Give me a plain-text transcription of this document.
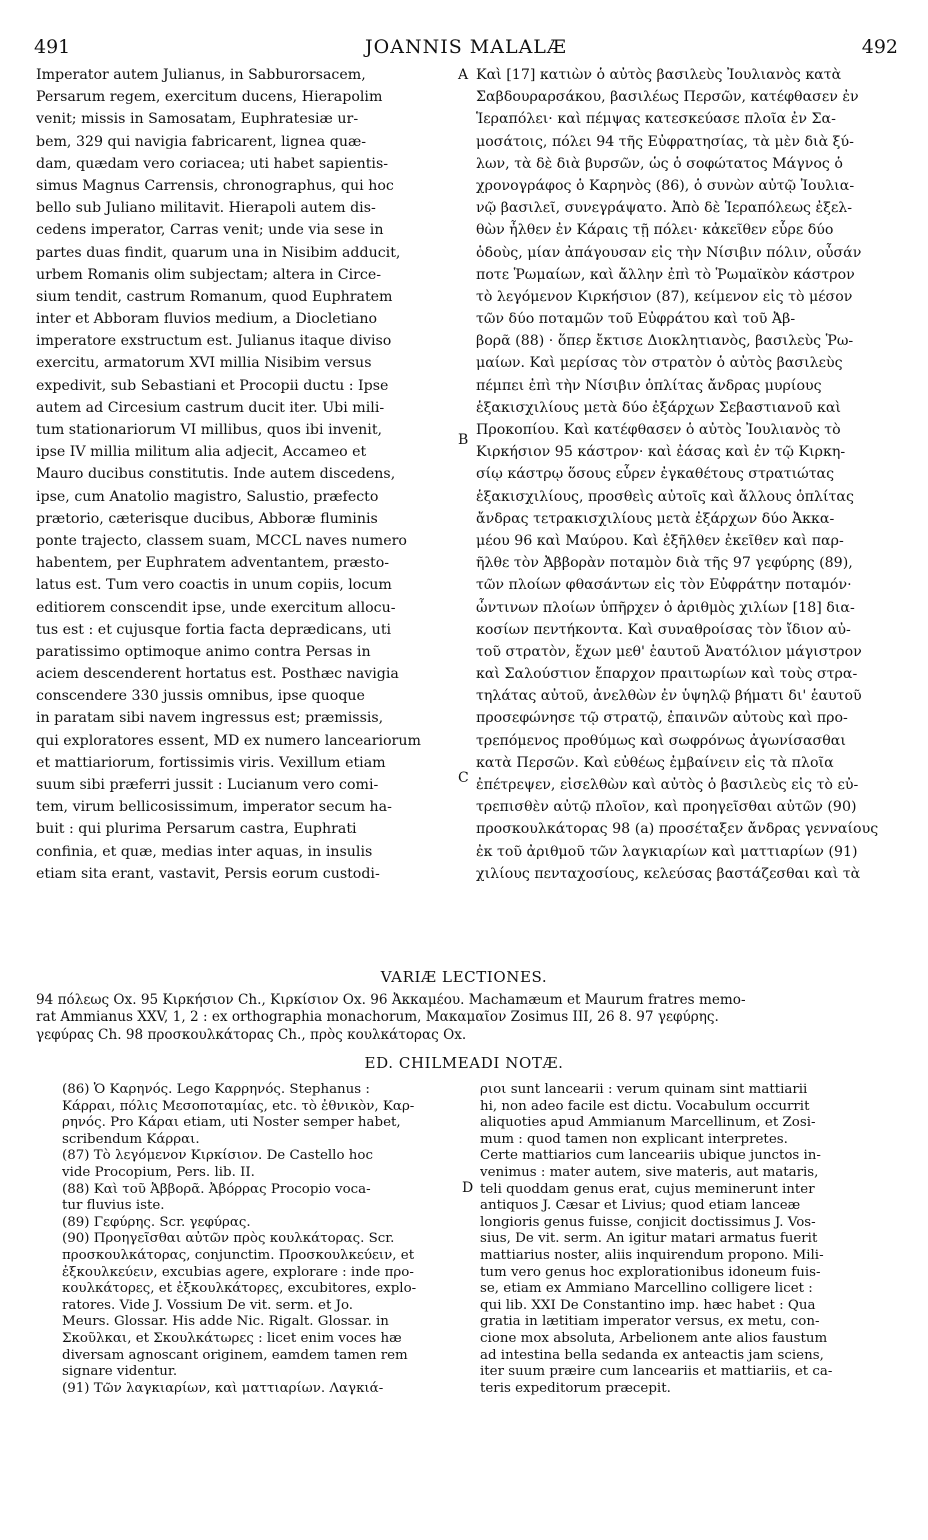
491	JOANNIS MALALÆ	492
Imperator autem Julianus, in Sabburorsacem,
Persarum regem, exercitum ducens, Hierapolim
venit; missis in Samosatam, Euphratesiæ ur-
bem, 329 qui navigia fabricarent, lignea quæ-
dam, quædam vero coriacea; uti habet sapientis-
simus Magnus Carrensis, chronographus, qui hoc
bello sub Juliano militavit. Hierapoli autem dis-
cedens imperator, Carras venit; unde via sese in
partes duas findit, quarum una in Nisibim adducit,
urbem Romanis olim subjectam; altera in Circe-
sium tendit, castrum Romanum, quod Euphratem
inter et Abboram fluvios medium, a Diocletiano
imperatore exstructum est. Julianus itaque diviso
exercitu, armatorum XVI millia Nisibim versus
expedivit, sub Sebastiani et Procopii ductu : Ipse
autem ad Circesium castrum ducit iter. Ubi mili-
tum stationariorum VI millibus, quos ibi invenit,
ipse IV millia militum alia adjecit, Accameo et
Mauro ducibus constitutis. Inde autem discedens,
ipse, cum Anatolio magistro, Salustio, præfecto
prætorio, cæterisque ducibus, Abboræ fluminis
ponte trajecto, classem suam, MCCL naves numero
habentem, per Euphratem adventantem, præsto-
latus est. Tum vero coactis in unum copiis, locum
editiorem conscendit ipse, unde exercitum allocu-
tus est : et cujusque fortia facta deprædicans, uti
paratissimo optimoque animo contra Persas in
aciem descenderent hortatus est. Posthæc navigia
conscendere 330 jussis omnibus, ipse quoque
in paratam sibi navem ingressus est; præmissis,
qui exploratores essent, MD ex numero lanceariorum
et mattiariorum, fortissimis viris. Vexillum etiam
suum sibi præferri jussit : Lucianum vero comi-
tem, virum bellicosissimum, imperator secum ha-
buit : qui plurima Persarum castra, Euphrati
confinia, et quæ, medias inter aquas, in insulis
etiam sita erant, vastavit, Persis eorum custodi-
Καὶ [17] κατιὼν ὁ αὐτὸς βασιλεὺς Ἰουλιανὸς κατὰ
Σαβδουραρσάκου, βασιλέως Περσῶν, κατέφθασεν ἐν
Ἱεραπόλει· καὶ πέμψας κατεσκεύασε πλοῖα ἐν Σα-
μοσάτοις, πόλει 94 τῆς Εὐφρατησίας, τὰ μὲν διὰ ξύ-
λων, τὰ δὲ διὰ βυρσῶν, ὡς ὁ σοφώτατος Μάγνος ὁ
χρονογράφος ὁ Καρηνὸς (86), ὁ συνὼν αὐτῷ Ἰουλια-
νῷ βασιλεῖ, συνεγράψατο. Ἀπὸ δὲ Ἱεραπόλεως ἐξελ-
θὼν ἦλθεν ἐν Κάραις τῇ πόλει· κἀκεῖθεν εὗρε δύο
ὁδοὺς, μίαν ἀπάγουσαν εἰς τὴν Νίσιβιν πόλιν, οὖσάν
ποτε Ῥωμαίων, καὶ ἄλλην ἐπὶ τὸ Ῥωμαϊκὸν κάστρον
τὸ λεγόμενον Κιρκήσιον (87), κείμενον εἰς τὸ μέσον
τῶν δύο ποταμῶν τοῦ Εὐφράτου καὶ τοῦ Ἀβ-
βορᾶ (88) · ὅπερ ἔκτισε Διοκλητιανὸς, βασιλεὺς Ῥω-
μαίων. Καὶ μερίσας τὸν στρατὸν ὁ αὐτὸς βασιλεὺς
πέμπει ἐπὶ τὴν Νίσιβιν ὁπλίτας ἄνδρας μυρίους
ἑξακισχιλίους μετὰ δύο ἐξάρχων Σεβαστιανοῦ καὶ
Προκοπίου. Καὶ κατέφθασεν ὁ αὐτὸς Ἰουλιανὸς τὸ
Κιρκήσιον 95 κάστρον· καὶ ἐάσας καὶ ἐν τῷ Κιρκη-
σίῳ κάστρῳ ὅσους εὗρεν ἐγκαθέτους στρατιώτας
ἑξακισχιλίους, προσθεὶς αὐτοῖς καὶ ἄλλους ὁπλίτας
ἄνδρας τετρακισχιλίους μετὰ ἐξάρχων δύο Ἀκκα-
μέου 96 καὶ Μαύρου. Καὶ ἐξῆλθεν ἐκεῖθεν καὶ παρ-
ῆλθε τὸν Ἀββορὰν ποταμὸν διὰ τῆς 97 γεφύρης (89),
τῶν πλοίων φθασάντων εἰς τὸν Εὐφράτην ποταμόν·
ὧντινων πλοίων ὑπῆρχεν ὁ ἀριθμὸς χιλίων [18] δια-
κοσίων πεντήκοντα. Καὶ συναθροίσας τὸν ἴδιον αὐ-
τοῦ στρατὸν, ἔχων μεθ' ἑαυτοῦ Ἀνατόλιον μάγιστρον
καὶ Σαλούστιον ἔπαρχον πραιτωρίων καὶ τοὺς στρα-
τηλάτας αὐτοῦ, ἀνελθὼν ἐν ὑψηλῷ βήματι δι' ἑαυτοῦ
προσεφώνησε τῷ στρατῷ, ἐπαινῶν αὐτοὺς καὶ προ-
τρεπόμενος προθύμως καὶ σωφρόνως ἀγωνίσασθαι
κατὰ Περσῶν. Καὶ εὐθέως ἐμβαίνειν εἰς τὰ πλοῖα
ἐπέτρεψεν, εἰσελθὼν καὶ αὐτὸς ὁ βασιλεὺς εἰς τὸ εὐ-
τρεπισθὲν αὐτῷ πλοῖον, καὶ προηγεῖσθαι αὐτῶν (90)
προσκουλκάτορας 98 (a) προσέταξεν ἄνδρας γενναίους
ἐκ τοῦ ἀριθμοῦ τῶν λαγκιαρίων καὶ ματτιαρίων (91)
χιλίους πενταχοσίους, κελεύσας βαστάζεσθαι καὶ τὰ
A
B
C
D
VARIÆ LECTIONES.
94 πόλεως Ox. 95 Κιρκήσιον Ch., Κιρκίσιον Ox. 96 Ἀκκαμέου. Machamæum et Maurum fratres memo-
rat Ammianus XXV, 1, 2 : ex orthographia monachorum, Μακαμαῖον Zosimus III, 26 8. 97 γεφύρης.
γεφύρας Ch. 98 προσκουλκάτορας Ch., πρὸς κουλκάτορας Ox.
ED. CHILMEADI NOTÆ.
(86) Ὁ Καρηνός. Lego Καρρηνός. Stephanus :
Κάρραι, πόλις Μεσοποταμίας, etc. τὸ ἐθνικὸν, Καρ-
ρηνός. Pro Κάραι etiam, uti Noster semper habet,
scribendum Κάρραι.
(87) Τὸ λεγόμενον Κιρκίσιον. De Castello hoc
vide Procopium, Pers. lib. II.
(88) Καὶ τοῦ Ἀββορᾶ. Ἀβόρρας Procopio voca-
tur fluvius iste.
(89) Γεφύρης. Scr. γεφύρας.
(90) Προηγεῖσθαι αὐτῶν πρὸς κουλκάτορας. Scr.
προσκουλκάτορας, conjunctim. Προσκουλκεύειν, et
ἐξκουλκεύειν, excubias agere, explorare : inde προ-
κουλκάτορες, et ἐξκουλκάτορες, excubitores, explo-
ratores. Vide J. Vossium De vit. serm. et Jo.
Meurs. Glossar. His adde Nic. Rigalt. Glossar. in
Σκοῦλκαι, et Σκουλκάτωρες : licet enim voces hæ
diversam agnoscant originem, eamdem tamen rem
signare videntur.
(91) Τῶν λαγκιαρίων, καὶ ματτιαρίων. Λαγκιά-
ριοι sunt lancearii : verum quinam sint mattiarii
hi, non adeo facile est dictu. Vocabulum occurrit
aliquoties apud Ammianum Marcellinum, et Zosi-
mum : quod tamen non explicant interpretes.
Certe mattiarios cum lanceariis ubique junctos in-
venimus : mater autem, sive materis, aut mataris,
teli quoddam genus erat, cujus meminerunt inter
antiquos J. Cæsar et Livius; quod etiam lanceæ
longioris genus fuisse, conjicit doctissimus J. Vos-
sius, De vit. serm. An igitur matari armatus fuerit
mattiarius noster, aliis inquirendum propono. Mili-
tum vero genus hoc explorationibus idoneum fuis-
se, etiam ex Ammiano Marcellino colligere licet :
qui lib. XXI De Constantino imp. hæc habet : Qua
gratia in lætitiam imperator versus, ex metu, con-
cione mox absoluta, Arbelionem ante alios faustum
ad intestina bella sedanda ex anteactis jam sciens,
iter suum præire cum lanceariis et mattiariis, et ca-
teris expeditorum præcepit.
